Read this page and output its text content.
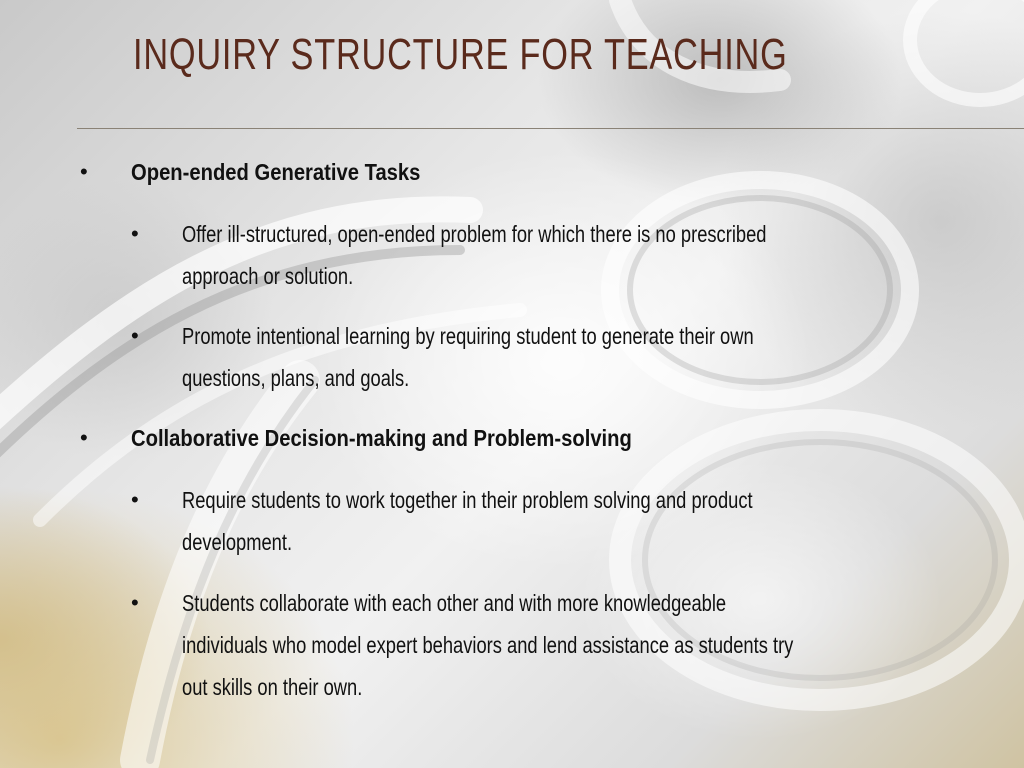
INQUIRY STRUCTURE FOR TEACHING
• Open-ended Generative Tasks
• Offer ill-structured, open-ended problem for which there is no prescribed
approach or solution.
• Promote intentional learning by requiring student to generate their own
questions, plans, and goals.
• Collaborative Decision-making and Problem-solving
• Require students to work together in their problem solving and product
development.
• Students collaborate with each other and with more knowledgeable
individuals who model expert behaviors and lend assistance as students try
out skills on their own.
